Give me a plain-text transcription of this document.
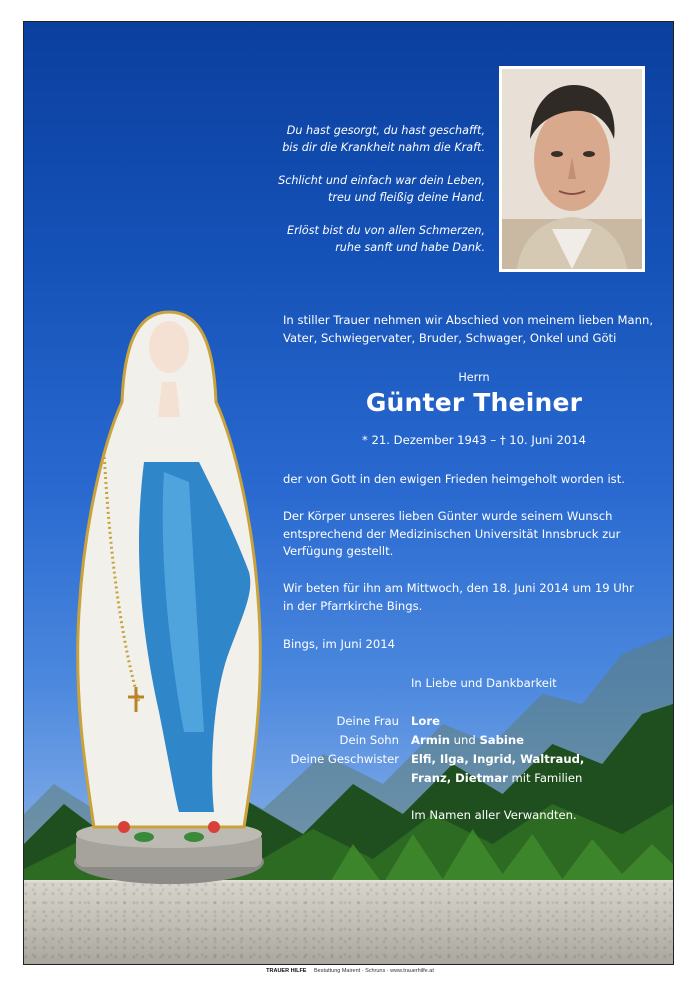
Du hast gesorgt, du hast geschafft,
bis dir die Krankheit nahm die Kraft.

Schlicht und einfach war dein Leben,
treu und fleißig deine Hand.

Erlöst bist du von allen Schmerzen,
ruhe sanft und habe Dank.

In stiller Trauer nehmen wir Abschied von meinem lieben Mann,
Vater, Schwiegervater, Bruder, Schwager, Onkel und Göti
Herrn
Günter Theiner
* 21. Dezember 1943 – † 10. Juni 2014
der von Gott in den ewigen Frieden heimgeholt worden ist.
Der Körper unseres lieben Günter wurde seinem Wunsch
entsprechend der Medizinischen Universität Innsbruck zur
Verfügung gestellt.
Wir beten für ihn am Mittwoch, den 18. Juni 2014 um 19 Uhr
in der Pfarrkirche Bings.
Bings, im Juni 2014
In Liebe und Dankbarkeit
Deine Frau Lore
Dein Sohn Armin und Sabine
Deine Geschwister Elfi, Ilga, Ingrid, Waltraud,
Franz, Dietmar mit Familien
Im Namen aller Verwandten.
TRAUER HILFE Bestattung Mairent · Schruns · www.trauerhilfe.at
